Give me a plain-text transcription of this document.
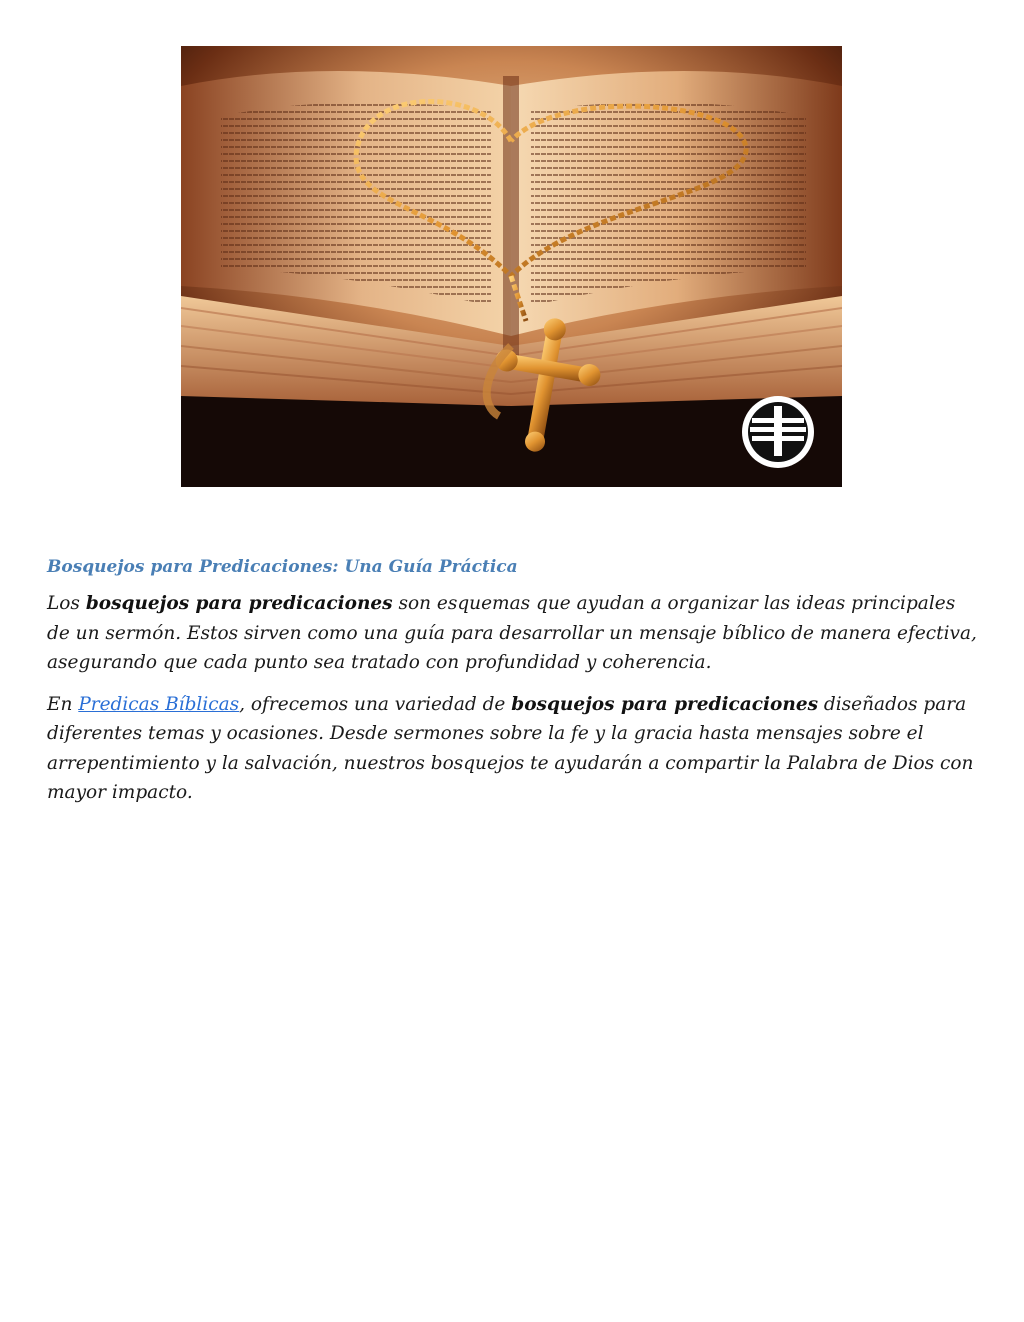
Bosquejos para Predicaciones: Una Guía Práctica

Los bosquejos para predicaciones son esquemas que ayudan a organizar las ideas principales de un sermón. Estos sirven como una guía para desarrollar un mensaje bíblico de manera efectiva, asegurando que cada punto sea tratado con profundidad y coherencia.

En Predicas Bíblicas, ofrecemos una variedad de bosquejos para predicaciones diseñados para diferentes temas y ocasiones. Desde sermones sobre la fe y la gracia hasta mensajes sobre el arrepentimiento y la salvación, nuestros bosquejos te ayudarán a compartir la Palabra de Dios con mayor impacto.
